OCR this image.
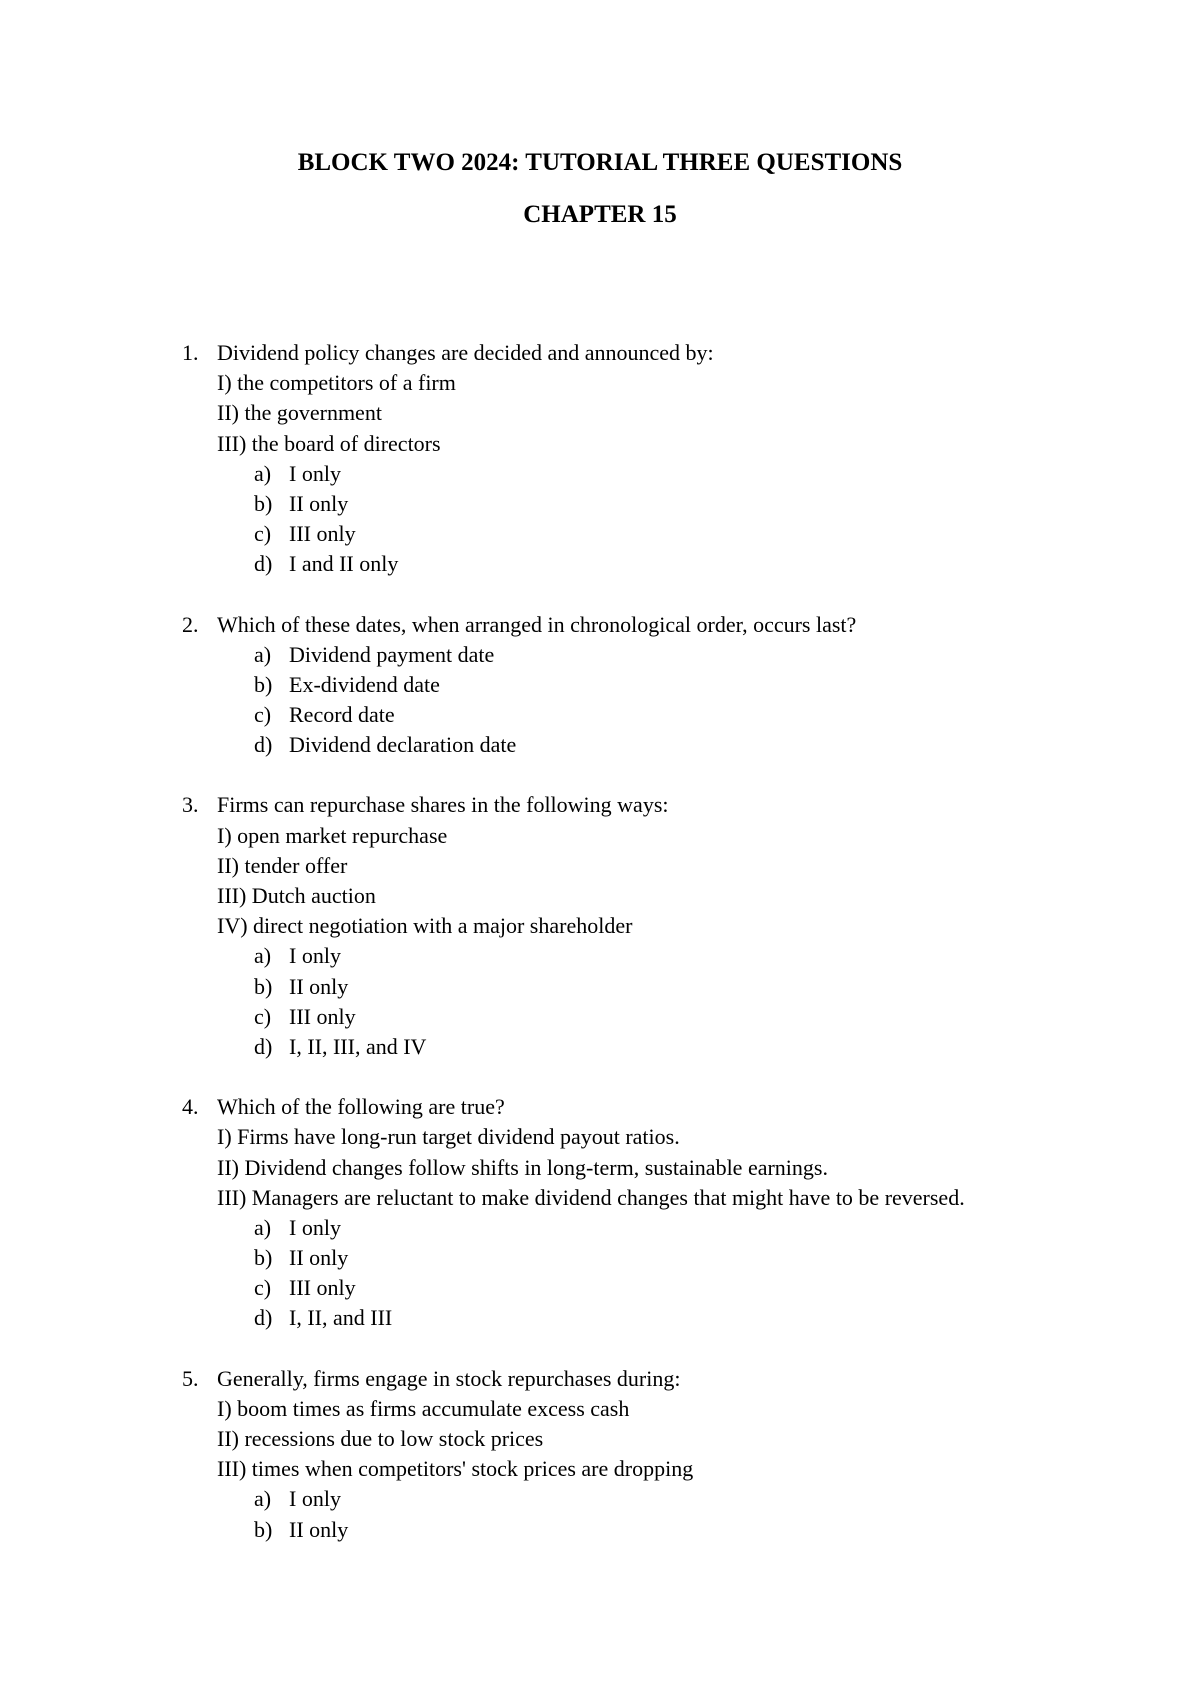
BLOCK TWO 2024: TUTORIAL THREE QUESTIONS
CHAPTER 15
1. Dividend policy changes are decided and announced by:
I) the competitors of a firm
II) the government
III) the board of directors
a) I only
b) II only
c) III only
d) I and II only
2. Which of these dates, when arranged in chronological order, occurs last?
a) Dividend payment date
b) Ex-dividend date
c) Record date
d) Dividend declaration date
3. Firms can repurchase shares in the following ways:
I) open market repurchase
II) tender offer
III) Dutch auction
IV) direct negotiation with a major shareholder
a) I only
b) II only
c) III only
d) I, II, III, and IV
4. Which of the following are true?
I) Firms have long-run target dividend payout ratios.
II) Dividend changes follow shifts in long-term, sustainable earnings.
III) Managers are reluctant to make dividend changes that might have to be reversed.
a) I only
b) II only
c) III only
d) I, II, and III
5. Generally, firms engage in stock repurchases during:
I) boom times as firms accumulate excess cash
II) recessions due to low stock prices
III) times when competitors' stock prices are dropping
a) I only
b) II only
